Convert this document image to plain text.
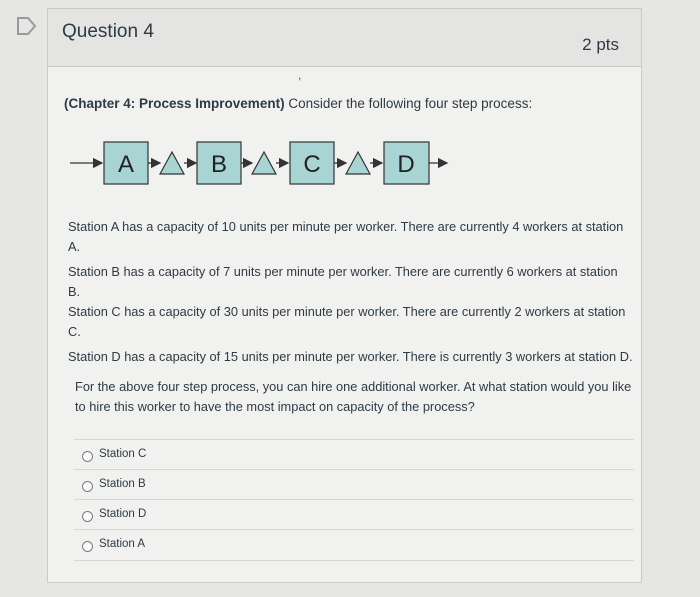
Question 4
2 pts
,
(Chapter 4: Process Improvement) Consider the following four step process:
A	B	C	D

Station A has a capacity of 10 units per minute per worker. There are currently 4 workers at station A.

Station B has a capacity of 7 units per minute per worker. There are currently 6 workers at station B.

Station C has a capacity of 30 units per minute per worker. There are currently 2 workers at station C.

Station D has a capacity of 15 units per minute per worker. There is currently 3 workers at station D.

For the above four step process, you can hire one additional worker. At what station would you like to hire this worker to have the most impact on capacity of the process?
Station C
Station B
Station D
Station A
